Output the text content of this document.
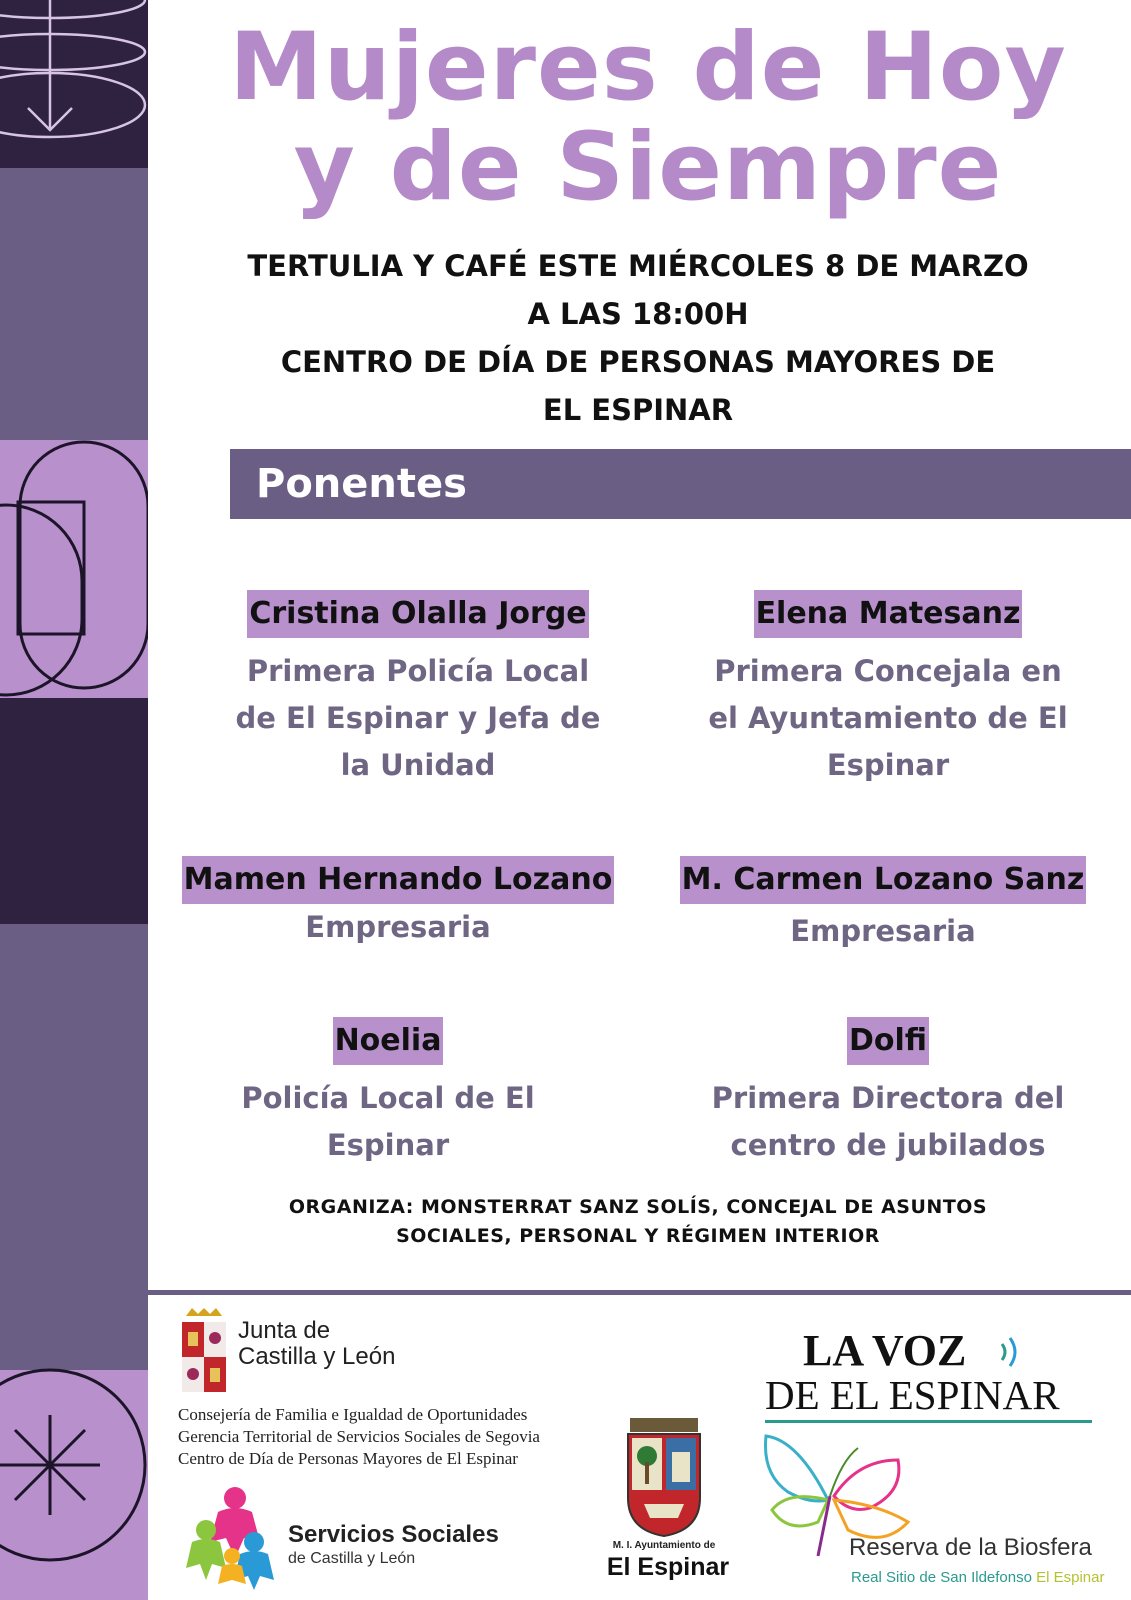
Mujeres de Hoy
y de Siempre
TERTULIA Y CAFÉ ESTE MIÉRCOLES 8 DE MARZO
A LAS 18:00H
CENTRO DE DÍA DE PERSONAS MAYORES DE
EL ESPINAR
Ponentes
Cristina Olalla Jorge
Primera Policía Local
de El Espinar y Jefa de
la Unidad
Elena Matesanz
Primera Concejala en
el Ayuntamiento de El
Espinar
Mamen Hernando Lozano
Empresaria
M. Carmen Lozano Sanz
Empresaria
Noelia
Policía Local de El Espinar
Dolfi
Primera Directora del
centro de jubilados
ORGANIZA: MONSTERRAT SANZ SOLÍS, CONCEJAL DE ASUNTOS
SOCIALES, PERSONAL Y RÉGIMEN INTERIOR
Junta de
Castilla y León
Consejería de Familia e Igualdad de Oportunidades
Gerencia Territorial de Servicios Sociales de Segovia
Centro de Día de Personas Mayores de El Espinar
Servicios Sociales
de Castilla y León
M. I. Ayuntamiento de
El Espinar
LA VOZ
DE EL ESPINAR
Reserva de la Biosfera
Real Sitio de San Ildefonso El Espinar
